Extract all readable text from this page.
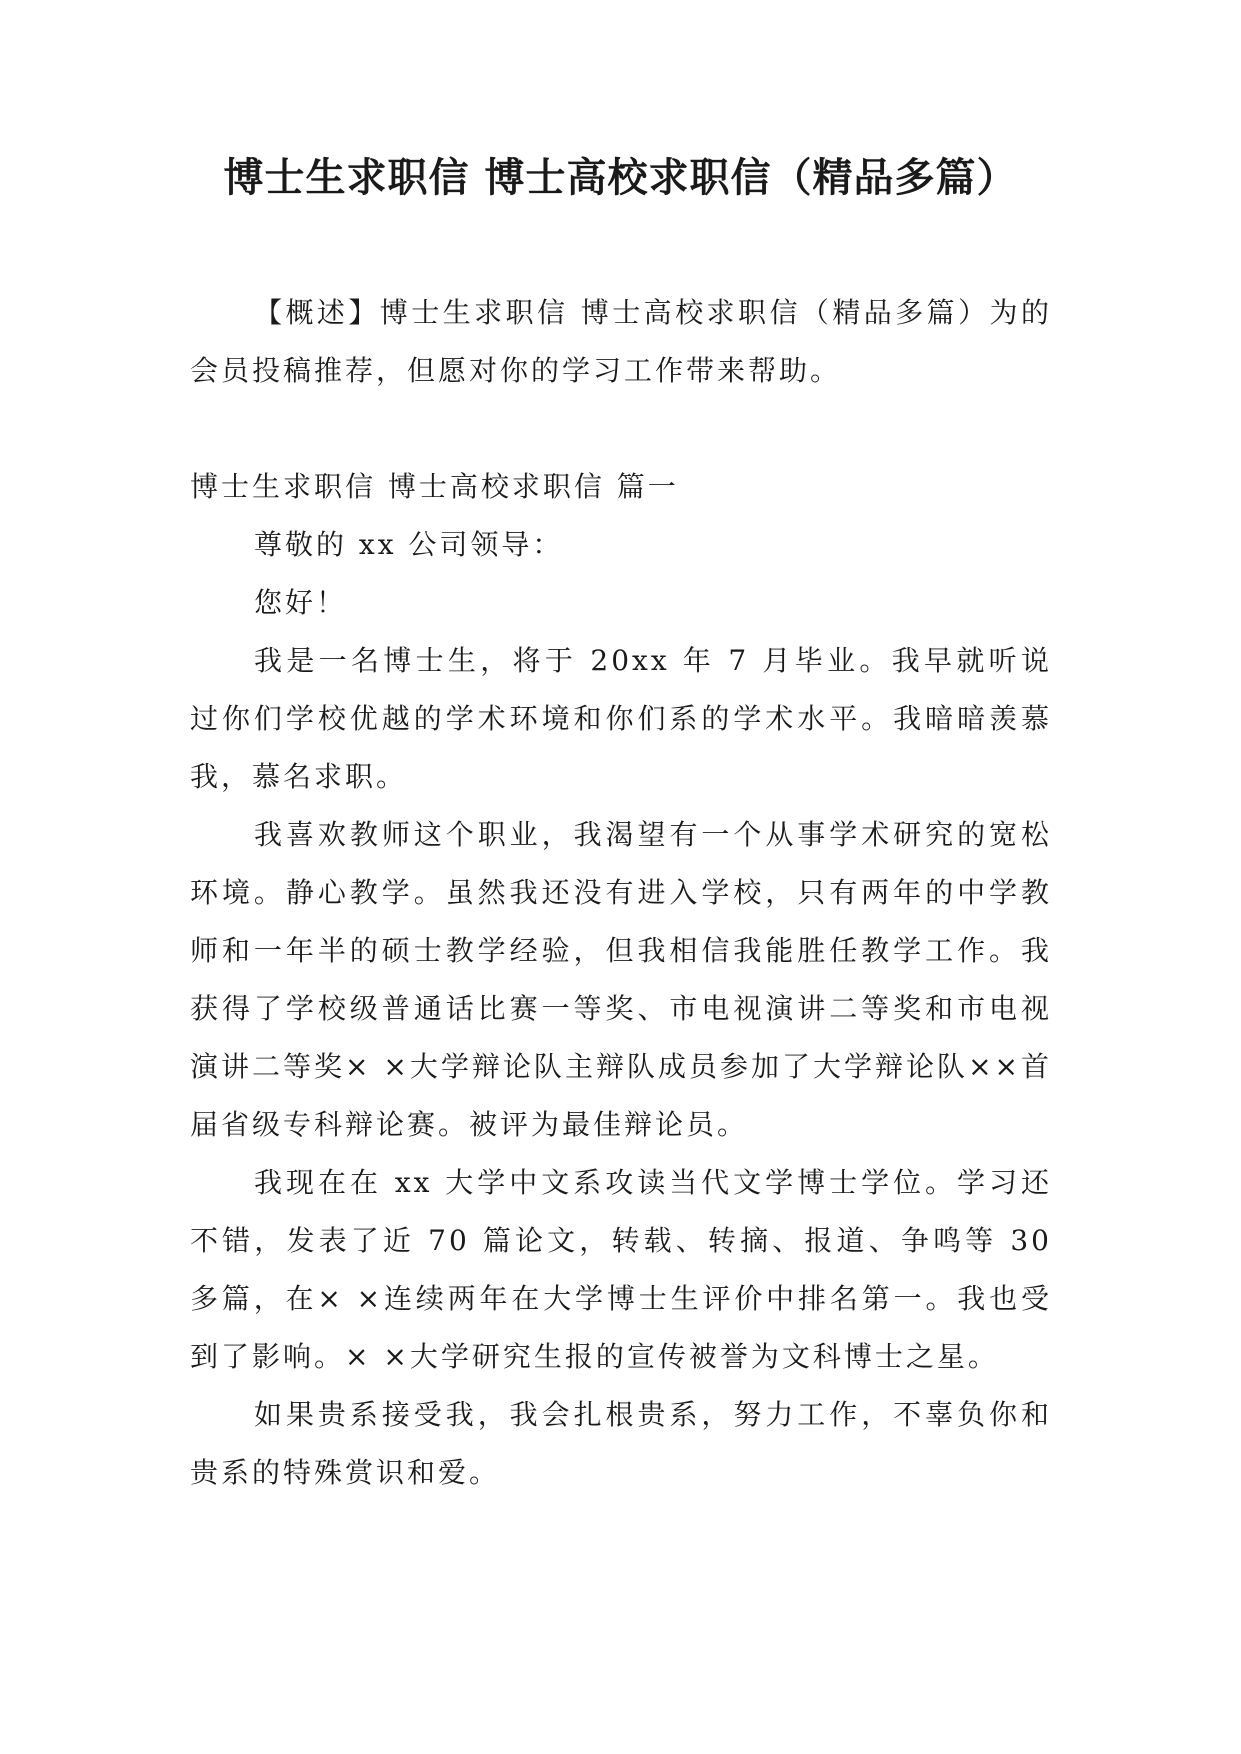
博士生求职信 博士高校求职信（精品多篇）

【概述】博士生求职信 博士高校求职信（精品多篇）为的会员投稿推荐，但愿对你的学习工作带来帮助。

博士生求职信 博士高校求职信 篇一

尊敬的 xx 公司领导：

您好！

我是一名博士生，将于 20xx 年 7 月毕业。我早就听说过你们学校优越的学术环境和你们系的学术水平。我暗暗羡慕我，慕名求职。

我喜欢教师这个职业，我渴望有一个从事学术研究的宽松环境。静心教学。虽然我还没有进入学校，只有两年的中学教师和一年半的硕士教学经验，但我相信我能胜任教学工作。我获得了学校级普通话比赛一等奖、市电视演讲二等奖和市电视演讲二等奖× ×大学辩论队主辩队成员参加了大学辩论队××首届省级专科辩论赛。被评为最佳辩论员。

我现在在 xx 大学中文系攻读当代文学博士学位。学习还不错，发表了近 70 篇论文，转载、转摘、报道、争鸣等 30 多篇，在× ×连续两年在大学博士生评价中排名第一。我也受到了影响。× ×大学研究生报的宣传被誉为文科博士之星。

如果贵系接受我，我会扎根贵系，努力工作，不辜负你和贵系的特殊赏识和爱。
